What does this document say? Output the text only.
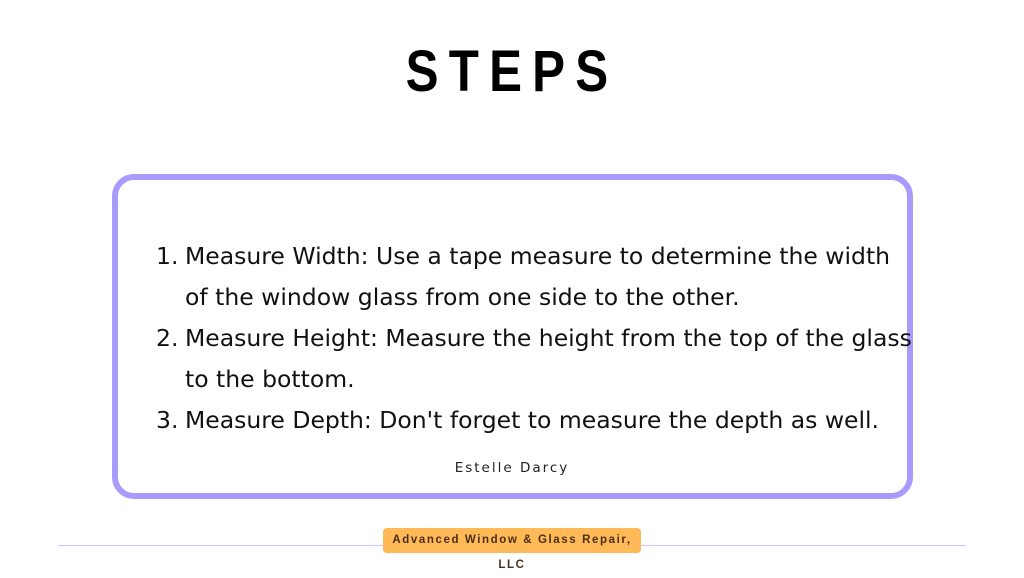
STEPS
1. Measure Width: Use a tape measure to determine the width of the window glass from one side to the other.
2. Measure Height: Measure the height from the top of the glass to the bottom.
3. Measure Depth: Don't forget to measure the depth as well.
Estelle Darcy
Advanced Window & Glass Repair, LLC
